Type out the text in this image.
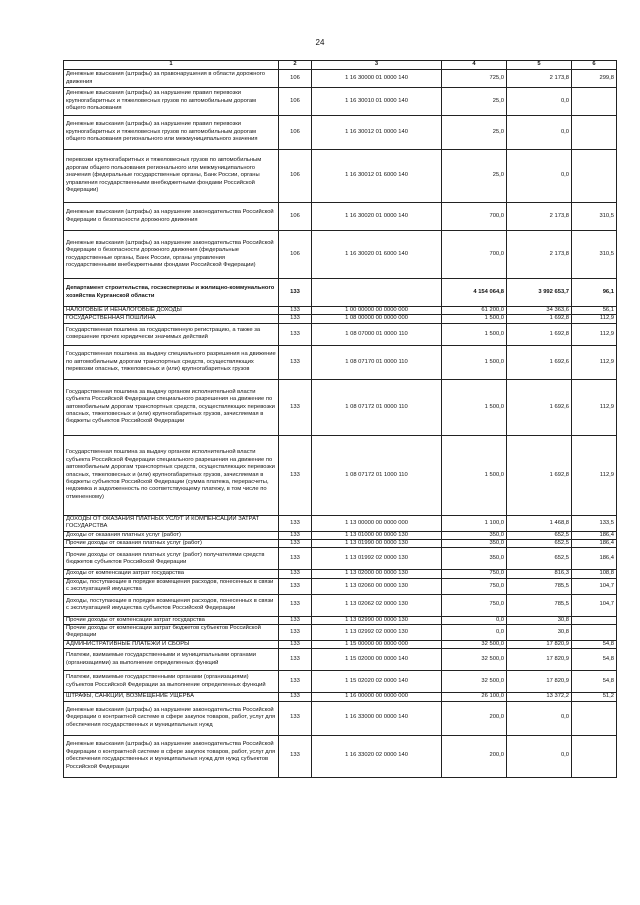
24
1	2	3	4	5	6
Денежные взыскания (штрафы) за правонарушения в области дорожного движения	106	1 16 30000 01 0000 140	725,0	2 173,8	299,8
Денежные взыскания (штрафы) за нарушение правил перевозки крупногабаритных и тяжеловесных грузов по автомобильным дорогам общего пользования	106	1 16 30010 01 0000 140	25,0	0,0	
Денежные взыскания (штрафы) за нарушение правил перевозки крупногабаритных и тяжеловесных грузов по автомобильным дорогам общего пользования регионального или межмуниципального значения	106	1 16 30012 01 0000 140	25,0	0,0	
перевозки крупногабаритных и тяжеловесных грузов по автомобильным дорогам общего пользования регионального или межмуниципального значения (федеральные государственные органы, Банк России, органы управления государственными внебюджетными фондами Российской Федерации)	106	1 16 30012 01 6000 140	25,0	0,0	
Денежные взыскания (штрафы) за нарушение законодательства Российской Федерации о безопасности дорожного движения	106	1 16 30020 01 0000 140	700,0	2 173,8	310,5
Денежные взыскания (штрафы) за нарушение законодательства Российской Федерации о безопасности дорожного движения (федеральные государственные органы, Банк России, органы управления государственными внебюджетными фондами Российской Федерации)	106	1 16 30020 01 6000 140	700,0	2 173,8	310,5
Департамент строительства, госэкспертизы и жилищно-коммунального хозяйства Курганской области	133		4 154 064,8	3 992 653,7	96,1
НАЛОГОВЫЕ И НЕНАЛОГОВЫЕ ДОХОДЫ	133	1 00 00000 00 0000 000	61 200,0	34 363,6	56,1
ГОСУДАРСТВЕННАЯ ПОШЛИНА	133	1 08 00000 00 0000 000	1 500,0	1 692,8	112,9
Государственная пошлина за государственную регистрацию, а также за совершение прочих юридически значимых действий	133	1 08 07000 01 0000 110	1 500,0	1 692,8	112,9
Государственная пошлина за выдачу специального разрешения на движение по автомобильным дорогам транспортных средств, осуществляющих перевозки опасных, тяжеловесных и (или) крупногабаритных грузов	133	1 08 07170 01 0000 110	1 500,0	1 692,6	112,9
Государственная пошлина за выдачу органом исполнительной власти субъекта Российской Федерации специального разрешения на движение по автомобильным дорогам транспортных средств, осуществляющих перевозки опасных, тяжеловесных и (или) крупногабаритных грузов, зачисляемая в бюджеты субъектов Российской Федерации	133	1 08 07172 01 0000 110	1 500,0	1 692,6	112,9
Государственная пошлина за выдачу органом исполнительной власти субъекта Российской Федерации специального разрешения на движение по автомобильным дорогам транспортных средств, осуществляющих перевозки опасных, тяжеловесных и (или) крупногабаритных грузов, зачисляемая в бюджеты субъектов Российской Федерации (сумма платежа, перерасчеты, недоимка и задолженность по соответствующему платежу, в том числе по отмененному)	133	1 08 07172 01 1000 110	1 500,0	1 692,8	112,9
ДОХОДЫ ОТ ОКАЗАНИЯ ПЛАТНЫХ УСЛУГ И КОМПЕНСАЦИИ ЗАТРАТ ГОСУДАРСТВА	133	1 13 00000 00 0000 000	1 100,0	1 468,8	133,5
Доходы от оказания платных услуг (работ)	133	1 13 01000 00 0000 130	350,0	652,5	186,4
Прочие доходы от оказания платных услуг (работ)	133	1 13 01990 00 0000 130	350,0	652,5	186,4
Прочие доходы от оказания платных услуг (работ) получателями средств бюджетов субъектов Российской Федерации	133	1 13 01992 02 0000 130	350,0	652,5	186,4
Доходы от компенсации затрат государства	133	1 13 02000 00 0000 130	750,0	816,3	108,8
Доходы, поступающие в порядке возмещения расходов, понесенных в связи с эксплуатацией имущества	133	1 13 02060 00 0000 130	750,0	785,5	104,7
Доходы, поступающие в порядке возмещения расходов, понесенных в связи с эксплуатацией имущества субъектов Российской Федерации	133	1 13 02062 02 0000 130	750,0	785,5	104,7
Прочие доходы от компенсации затрат государства	133	1 13 02990 00 0000 130	0,0	30,8	
Прочие доходы от компенсации затрат бюджетов субъектов Российской Федерации	133	1 13 02992 02 0000 130	0,0	30,8	
АДМИНИСТРАТИВНЫЕ ПЛАТЕЖИ И СБОРЫ	133	1 15 00000 00 0000 000	32 500,0	17 820,9	54,8
Платежи, взимаемые государственными и муниципальными органами (организациями) за выполнение определенных функций	133	1 15 02000 00 0000 140	32 500,0	17 820,9	54,8
Платежи, взимаемые государственными органами (организациями) субъектов Российской Федерации за выполнение определенных функций	133	1 15 02020 02 0000 140	32 500,0	17 820,9	54,8
ШТРАФЫ, САНКЦИИ, ВОЗМЕЩЕНИЕ УЩЕРБА	133	1 16 00000 00 0000 000	26 100,0	13 372,2	51,2
Денежные взыскания (штрафы) за нарушение законодательства Российской Федерации о контрактной системе в сфере закупок товаров, работ, услуг для обеспечения государственных и муниципальных нужд	133	1 16 33000 00 0000 140	200,0	0,0	
Денежные взыскания (штрафы) за нарушение законодательства Российской Федерации о контрактной системе в сфере закупок товаров, работ, услуг для обеспечения государственных и муниципальных нужд для нужд субъектов Российской Федерации	133	1 16 33020 02 0000 140	200,0	0,0	
